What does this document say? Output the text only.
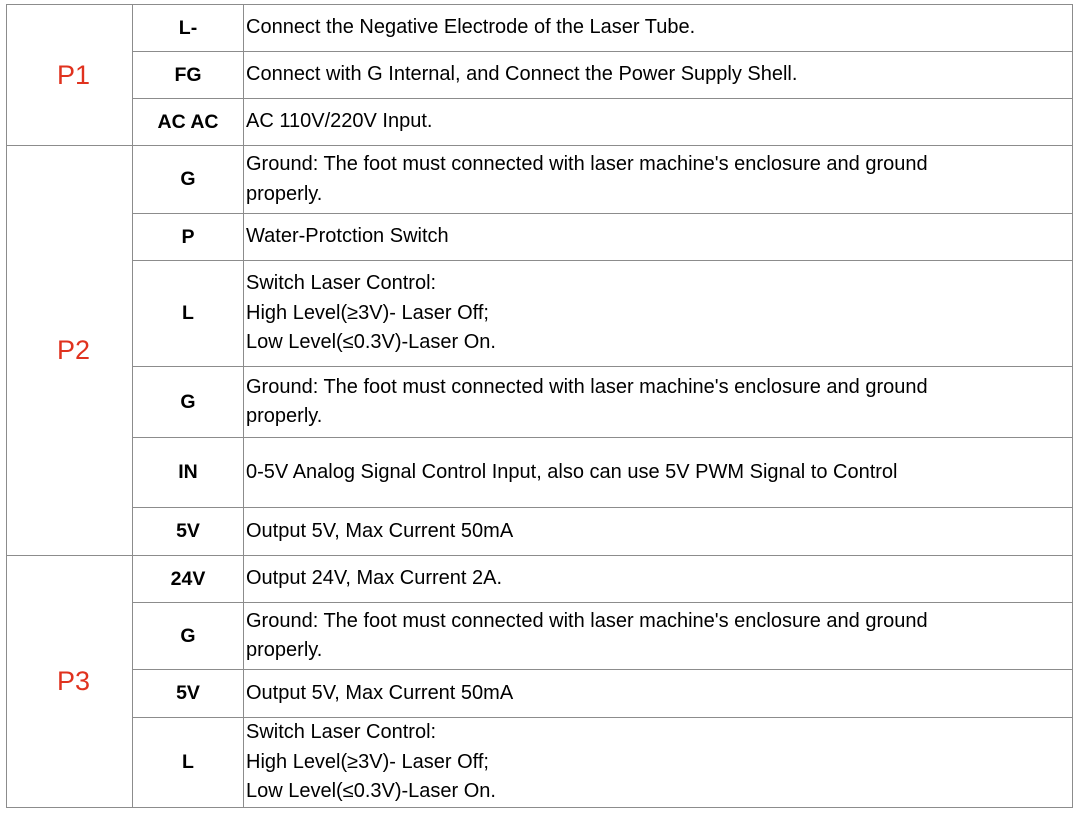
P1	L-	Connect the Negative Electrode of the Laser Tube.

	FG	Connect with G Internal, and Connect the Power Supply Shell.

	AC AC	AC 110V/220V Input.

P2	G	Ground: The foot must connected with laser machine's enclosure and ground
properly.

	P	Water-Protction Switch

	L	Switch Laser Control:
High Level(≥3V)- Laser Off;
Low Level(≤0.3V)-Laser On.

	G	Ground: The foot must connected with laser machine's enclosure and ground
properly.

	IN	0-5V Analog Signal Control Input, also can use 5V PWM Signal to Control

	5V	Output 5V, Max Current 50mA

P3	24V	Output 24V, Max Current 2A.

	G	Ground: The foot must connected with laser machine's enclosure and ground
properly.

	5V	Output 5V, Max Current 50mA

	L	Switch Laser Control:
High Level(≥3V)- Laser Off;
Low Level(≤0.3V)-Laser On.
